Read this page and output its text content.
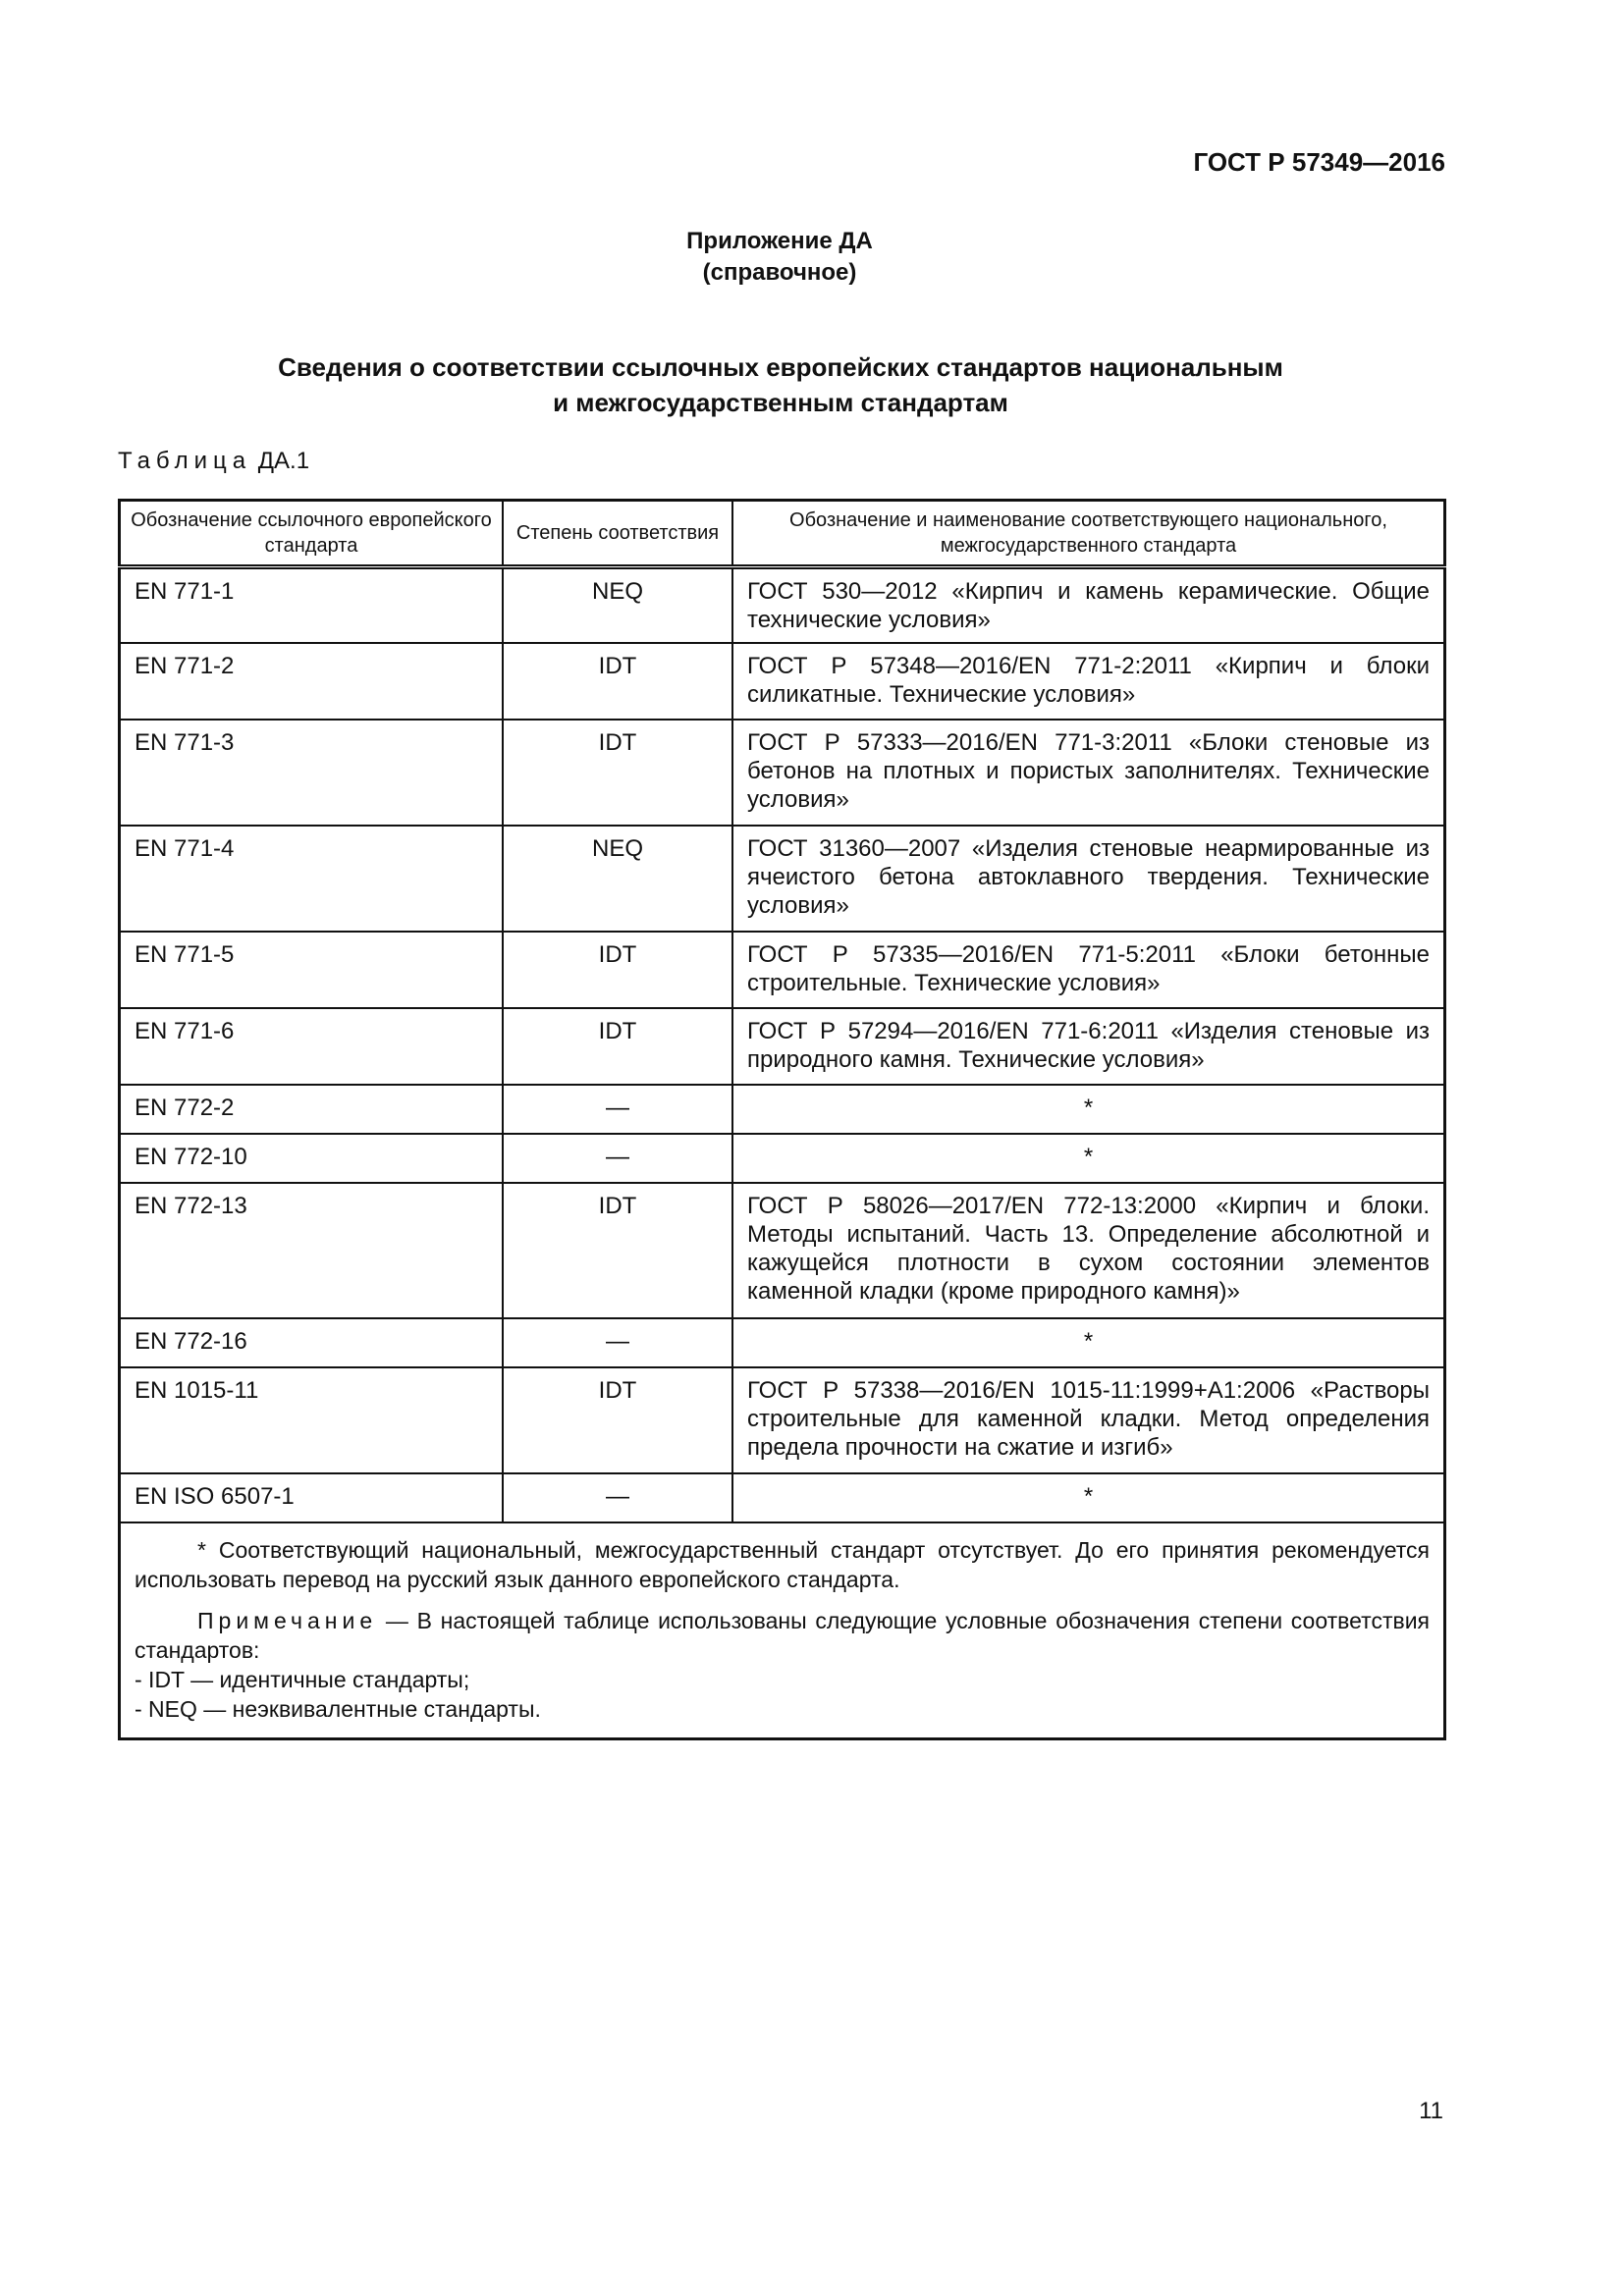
ГОСТ Р 57349—2016
Приложение ДА
(справочное)
Сведения о соответствии ссылочных европейских стандартов национальным
и межгосударственным стандартам
Таблица ДА.1
Обозначение ссылочного европейского стандарта	Степень соответствия	Обозначение и наименование соответствующего национального, межгосударственного стандарта
EN 771-1	NEQ	ГОСТ 530—2012 «Кирпич и камень керамические. Общие технические условия»
EN 771-2	IDT	ГОСТ Р 57348—2016/EN 771-2:2011 «Кирпич и блоки силикатные. Технические условия»
EN 771-3	IDT	ГОСТ Р 57333—2016/EN 771-3:2011 «Блоки стеновые из бетонов на плотных и пористых заполнителях. Технические условия»
EN 771-4	NEQ	ГОСТ 31360—2007 «Изделия стеновые неармированные из ячеистого бетона автоклавного твердения. Технические условия»
EN 771-5	IDT	ГОСТ Р 57335—2016/EN 771-5:2011 «Блоки бетонные строительные. Технические условия»
EN 771-6	IDT	ГОСТ Р 57294—2016/EN 771-6:2011 «Изделия стеновые из природного камня. Технические условия»
EN 772-2	—	*
EN 772-10	—	*
EN 772-13	IDT	ГОСТ Р 58026—2017/EN 772-13:2000 «Кирпич и блоки. Методы испытаний. Часть 13. Определение абсолютной и кажущейся плотности в сухом состоянии элементов каменной кладки (кроме природного камня)»
EN 772-16	—	*
EN 1015-11	IDT	ГОСТ Р 57338—2016/EN 1015-11:1999+A1:2006 «Растворы строительные для каменной кладки. Метод определения предела прочности на сжатие и изгиб»
EN ISO 6507-1	—	*

* Соответствующий национальный, межгосударственный стандарт отсутствует. До его принятия рекомендуется использовать перевод на русский язык данного европейского стандарта.

Примечание — В настоящей таблице использованы следующие условные обозначения степени соответствия стандартов:

- IDT — идентичные стандарты;

- NEQ — неэквивалентные стандарты.		

11
